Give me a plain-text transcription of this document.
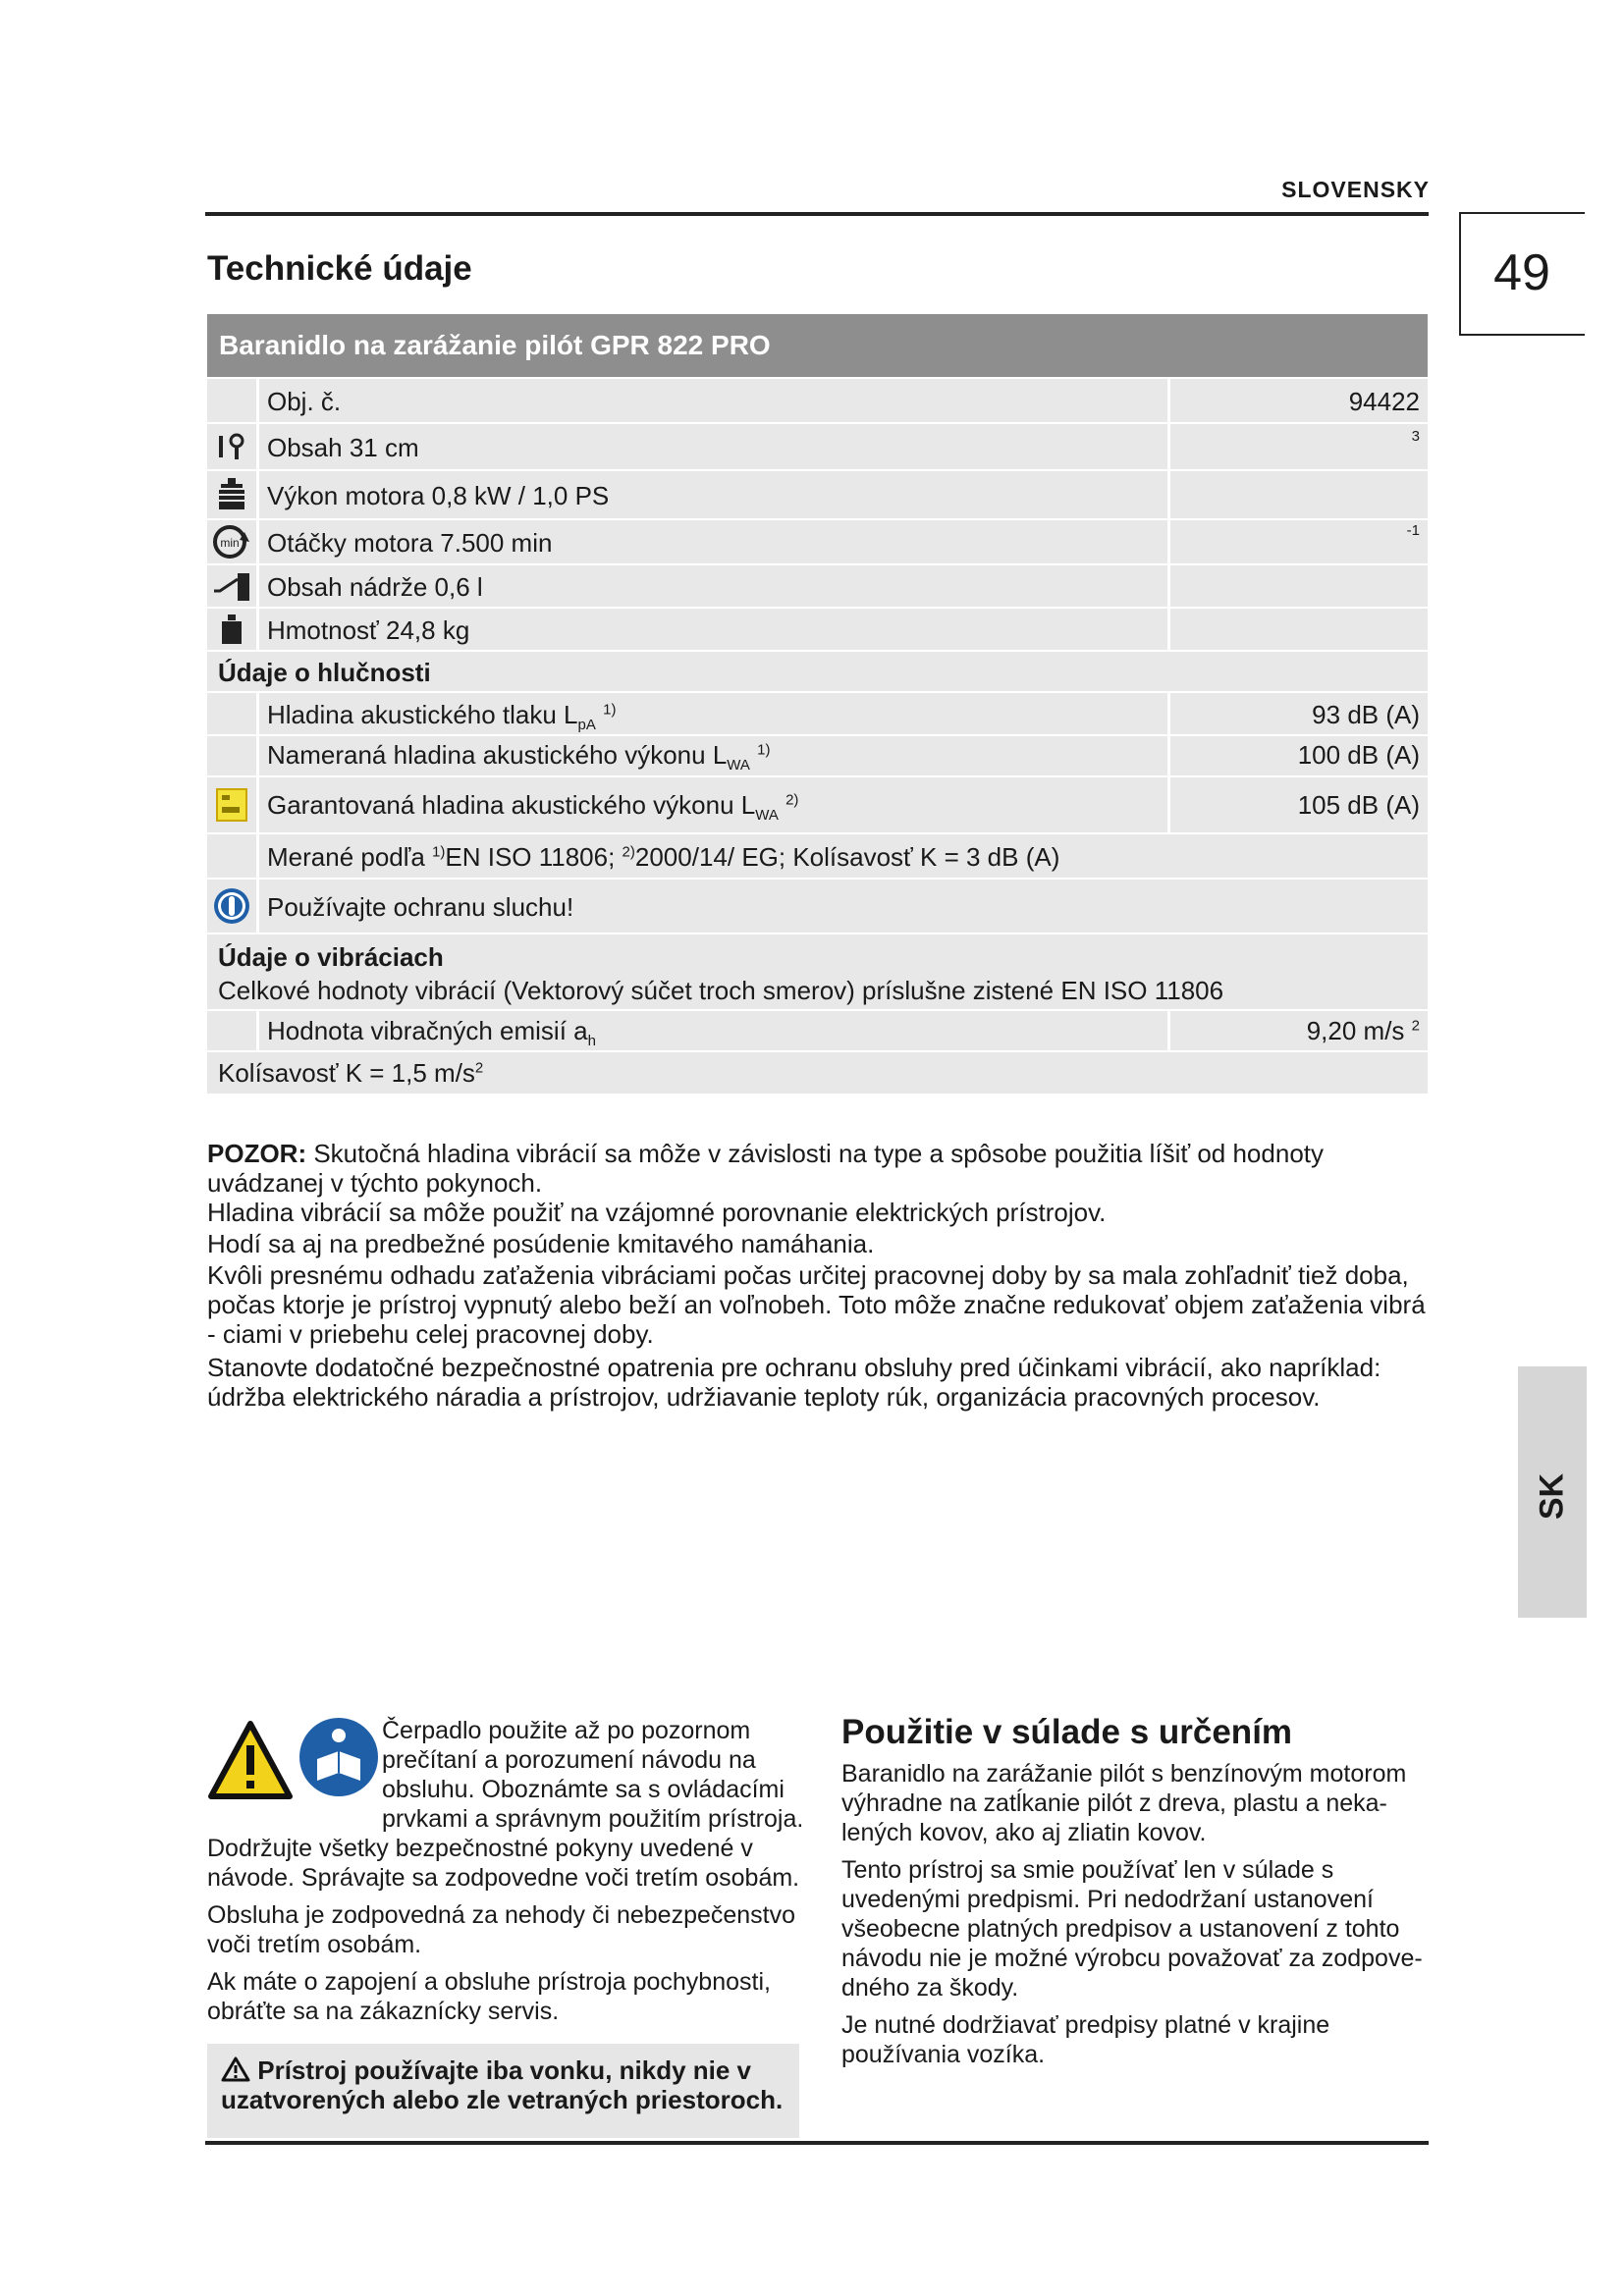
SLOVENSKY
49
Technické údaje
Baranidlo na zarážanie pilót GPR 822 PRO
Obj. č.	94422
Obsah 31 cm	3
Výkon motora 0,8 kW / 1,0 PS
min Otáčky motora 7.500 min	-1
Obsah nádrže 0,6 l
Hmotnosť 24,8 kg
Údaje o hlučnosti
Hladina akustického tlaku $L_{pA}$ $^{1)}$	93 dB (A)
Nameraná hladina akustického výkonu $L_{WA}$ $^{1)}$	100 dB (A)
Garantovaná hladina akustického výkonu $L_{WA}$ $^{2)}$	105 dB (A)
Merané podľa $^{1)}$EN ISO 11806; $^{2)}$2000/14/ EG; Kolísavosť K = 3 dB (A)
Používajte ochranu sluchu!
Údaje o vibráciach
Celkové hodnoty vibrácií (Vektorový súčet troch smerov) príslušne zistené EN ISO 11806
Hodnota vibračných emisií $a_h$	9,20 m/s $^2$
Kolísavosť K = 1,5 $m/s^2$
POZOR: Skutočná hladina vibrácií sa môže v závislosti na type a spôsobe použitia líšiť od hodnoty uvádzanej v týchto pokynoch.
Hladina vibrácií sa môže použiť na vzájomné porovnanie elektrických prístrojov.
Hodí sa aj na predbežné posúdenie kmitavého namáhania.
Kvôli presnému odhadu zaťaženia vibráciami počas určitej pracovnej doby by sa mala zohľadniť tiež doba, počas ktorje je prístroj vypnutý alebo beží an voľnobeh. Toto môže značne redukovať objem zaťaženia vibrá - ciami v priebehu celej pracovnej doby.
Stanovte dodatočné bezpečnostné opatrenia pre ochranu obsluhy pred účinkami vibrácií, ako napríklad: údržba elektrického náradia a prístrojov, udržiavanie teploty rúk, organizácia pracovných procesov.
SK

Čerpadlo použite až po pozornom prečítaní a porozumení návodu na obsluhu. Oboznámte sa s ovládacími prvkami a správnym použitím prístroja. Dodržujte všetky bezpečnostné pokyny uvedené v návode. Správajte sa zodpovedne voči tretím osobám.

Obsluha je zodpovedná za nehody či nebezpečenstvo voči tretím osobám.

Ak máte o zapojení a obsluhe prístroja pochybnosti, obráťte sa na zákaznícky servis.

Prístroj používajte iba vonku, nikdy nie v uzatvorených alebo zle vetraných priestoroch.
Použitie v súlade s určením

Baranidlo na zarážanie pilót s benzínovým motorom výhradne na zatĺkanie pilót z dreva, plastu a neka-lených kovov, ako aj zliatin kovov.

Tento prístroj sa smie používať len v súlade s uvedenými predpismi. Pri nedodržaní ustanovení všeobecne platných predpisov a ustanovení z tohto návodu nie je možné výrobcu považovať za zodpove-dného za škody.

Je nutné dodržiavať predpisy platné v krajine používania vozíka.
